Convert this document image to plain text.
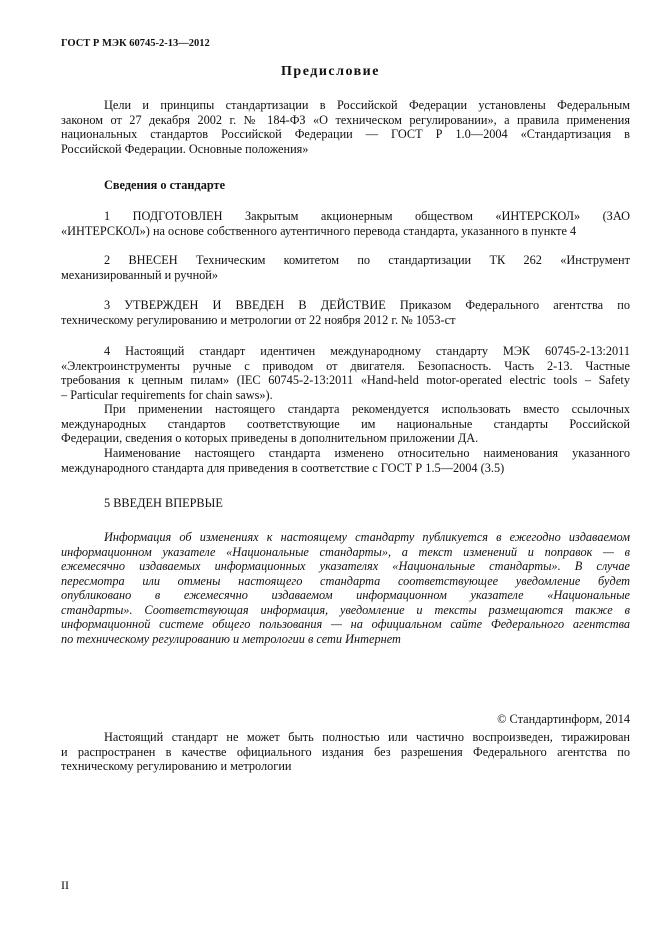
ГОСТ Р МЭК 60745-2-13—2012
Предисловие
Цели и принципы стандартизации в Российской Федерации установлены Федеральным
законом от 27 декабря 2002 г. № 184-ФЗ «О техническом регулировании», а правила применения
национальных стандартов Российской Федерации — ГОСТ Р 1.0—2004 «Стандартизация в
Российской Федерации. Основные положения»
Сведения о стандарте
1 ПОДГОТОВЛЕН Закрытым акционерным обществом «ИНТЕРСКОЛ» (ЗАО
«ИНТЕРСКОЛ») на основе собственного аутентичного перевода стандарта, указанного в пункте 4
2 ВНЕСЕН Техническим комитетом по стандартизации ТК 262 «Инструмент
механизированный и ручной»
3 УТВЕРЖДЕН И ВВЕДЕН В ДЕЙСТВИЕ Приказом Федерального агентства по
техническому регулированию и метрологии от 22 ноября 2012 г. № 1053-ст
4 Настоящий стандарт идентичен международному стандарту МЭК 60745-2-13:2011
«Электроинструменты ручные с приводом от двигателя. Безопасность. Часть 2-13. Частные
требования к цепным пилам» (IEC 60745-2-13:2011 «Hand-held motor-operated electric tools – Safety
– Particular requirements for chain saws»).
При применении настоящего стандарта рекомендуется использовать вместо ссылочных
международных стандартов соответствующие им национальные стандарты Российской
Федерации, сведения о которых приведены в дополнительном приложении ДА.
Наименование настоящего стандарта изменено относительно наименования указанного
международного стандарта для приведения в соответствие с ГОСТ Р 1.5—2004 (3.5)
5 ВВЕДЕН ВПЕРВЫЕ
Информация об изменениях к настоящему стандарту публикуется в ежегодно издаваемом
информационном указателе «Национальные стандарты», а текст изменений и поправок — в
ежемесячно издаваемых информационных указателях «Национальные стандарты». В случае
пересмотра или отмены настоящего стандарта соответствующее уведомление будет
опубликовано в ежемесячно издаваемом информационном указателе «Национальные
стандарты». Соответствующая информация, уведомление и тексты размещаются также в
информационной системе общего пользования — на официальном сайте Федерального агентства
по техническому регулированию и метрологии в сети Интернет
© Стандартинформ, 2014
Настоящий стандарт не может быть полностью или частично воспроизведен, тиражирован
и распространен в качестве официального издания без разрешения Федерального агентства по
техническому регулированию и метрологии
II
